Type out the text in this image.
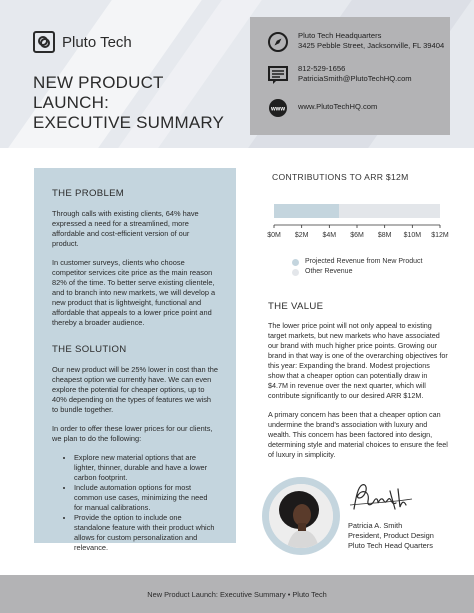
Pluto Tech
NEW PRODUCT LAUNCH:
EXECUTIVE SUMMARY
Pluto Tech Headquarters
3425 Pebble Street, Jacksonville, FL 39404
812-529-1656
PatriciaSmith@PlutoTechHQ.com
www www.PlutoTechHQ.com
THE PROBLEM

Through calls with existing clients, 64% have expressed a need for a streamlined, more affordable and cost-efficient version of our product.

In customer surveys, clients who choose competitor services cite price as the main reason 82% of the time. To better serve existing clientele, and to branch into new markets, we will develop a new product that is lightweight, functional and affordable that appeals to a lower price point and thereby a broader audience.

THE SOLUTION

Our new product will be 25% lower in cost than the cheapest option we currently have. We can even explore the potential for cheaper options, up to 40% depending on the types of features we wish to bundle together.

In order to offer these lower prices for our clients, we plan to do the following:

• Explore new material options that are lighter, thinner, durable and have a lower carbon footprint.
• Include automation options for most common use cases, minimizing the need for manual calibrations.
• Provide the option to include one standalone feature with their product which allows for custom personalization and relevance.
CONTRIBUTIONS TO ARR $12M
$0M $2M $4M $6M $8M $10M $12M
Projected Revenue from New Product
Other Revenue
THE VALUE

The lower price point will not only appeal to existing target markets, but new markets who have associated our brand with much higher price points. Growing our brand in that way is one of the overarching objectives for this year: Expanding the brand. Modest projections show that a cheaper option can potentially draw in $4.7M in revenue over the next quarter, which will contribute significantly to our desired ARR $12M.

A primary concern has been that a cheaper option can undermine the brand's association with luxury and wealth. This concern has been factored into design, determining style and material choices to ensure the feel of luxury in simplicity.

Patricia A. Smith
President, Product Design
Pluto Tech Head Quarters
New Product Launch: Executive Summary • Pluto Tech
